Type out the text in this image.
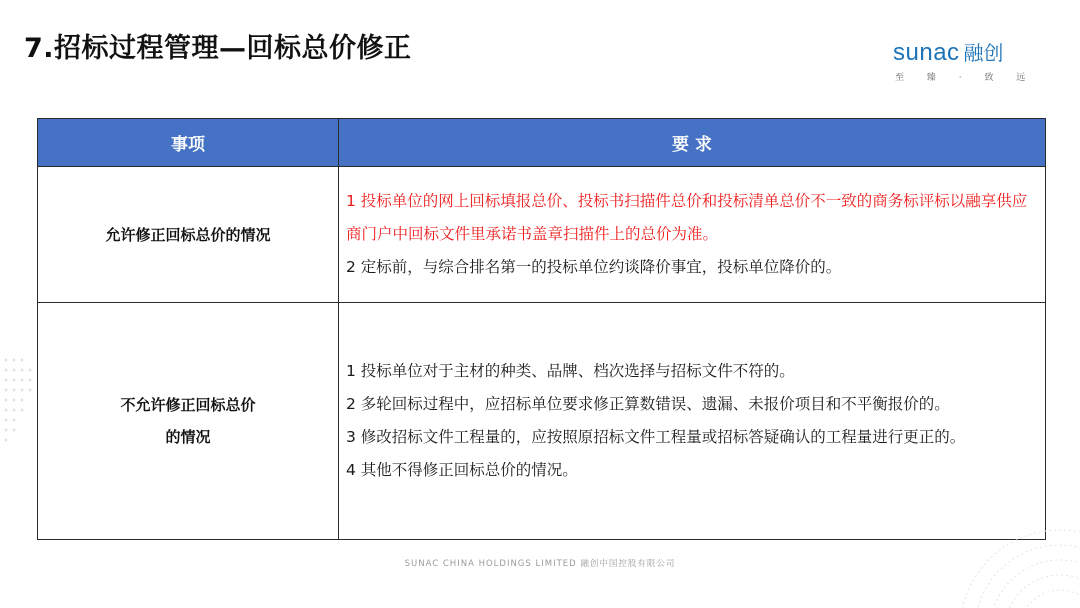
7.招标过程管理—回标总价修正	sunac 融创
至 臻 · 致 远
事项	要 求
允许修正回标总价的情况
1 投标单位的网上回标填报总价、投标书扫描件总价和投标清单总价不一致的商务标评标以融享供应商门户中回标文件里承诺书盖章扫描件上的总价为准。
2 定标前，与综合排名第一的投标单位约谈降价事宜，投标单位降价的。
不允许修正回标总价
的情况
1 投标单位对于主材的种类、品牌、档次选择与招标文件不符的。
2 多轮回标过程中，应招标单位要求修正算数错误、遗漏、未报价项目和不平衡报价的。
3 修改招标文件工程量的，应按照原招标文件工程量或招标答疑确认的工程量进行更正的。
4 其他不得修正回标总价的情况。
SUNAC CHINA HOLDINGS LIMITED 融创中国控股有限公司
